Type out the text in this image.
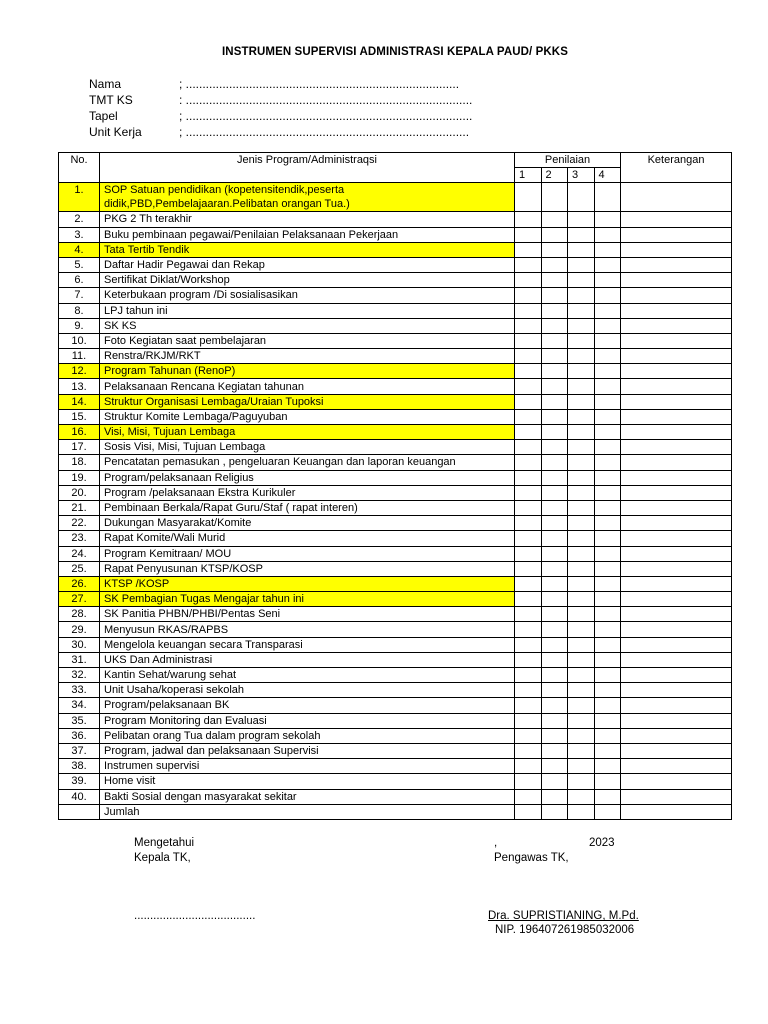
INSTRUMEN SUPERVISI ADMINISTRASI KEPALA PAUD/ PKKS
Nama	; ..................................................................................
TMT KS	: ......................................................................................
Tapel	; ......................................................................................
Unit Kerja	; .....................................................................................
No.	Jenis Program/Administraqsi	Penilaian				Keterangan
		1	2	3	4	
1.	SOP Satuan pendidikan (kopetensitendik,peserta didik,PBD,Pembelajaaran.Pelibatan orangan Tua.)					
2.	PKG 2 Th terakhir					
3.	Buku pembinaan pegawai/Penilaian Pelaksanaan Pekerjaan					
4.	Tata Tertib Tendik					
5.	Daftar Hadir Pegawai dan Rekap					
6.	Sertifikat Diklat/Workshop					
7.	Keterbukaan program /Di sosialisasikan					
8.	LPJ tahun ini					
9.	SK KS					
10.	Foto Kegiatan saat pembelajaran					
11.	Renstra/RKJM/RKT					
12.	Program Tahunan (RenoP)					
13.	Pelaksanaan Rencana Kegiatan tahunan					
14.	Struktur Organisasi Lembaga/Uraian Tupoksi					
15.	Struktur Komite Lembaga/Paguyuban					
16.	Visi, Misi, Tujuan Lembaga					
17.	Sosis Visi, Misi, Tujuan Lembaga					
18.	Pencatatan pemasukan , pengeluaran Keuangan dan laporan keuangan					
19.	Program/pelaksanaan Religius					
20.	Program /pelaksanaan Ekstra Kurikuler					
21.	Pembinaan Berkala/Rapat Guru/Staf ( rapat interen)					
22.	Dukungan Masyarakat/Komite					
23.	Rapat Komite/Wali Murid					
24.	Program Kemitraan/ MOU					
25.	Rapat Penyusunan KTSP/KOSP					
26.	KTSP /KOSP					
27.	SK Pembagian Tugas Mengajar tahun ini					
28.	SK Panitia PHBN/PHBI/Pentas Seni					
29.	Menyusun RKAS/RAPBS					
30.	Mengelola keuangan secara Transparasi					
31.	UKS Dan Administrasi					
32.	Kantin Sehat/warung sehat					
33.	Unit Usaha/koperasi sekolah					
34.	Program/pelaksanaan BK					
35.	Program Monitoring dan Evaluasi					
36.	Pelibatan orang Tua dalam program sekolah					
37.	Program, jadwal dan pelaksanaan Supervisi					
38.	Instrumen supervisi					
39.	Home visit					
40.	Bakti Sosial dengan masyarakat sekitar					
	Jumlah					
Mengetahui
Kepala TK,
......................................
,	2023
Pengawas TK,
Dra. SUPRISTIANING, M.Pd.
NIP. 196407261985032006
